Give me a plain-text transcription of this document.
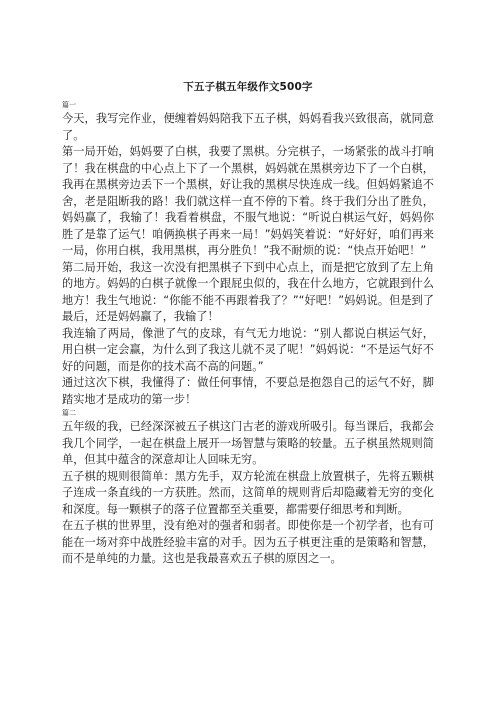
下五子棋五年级作文500字

篇一

今天，我写完作业，便缠着妈妈陪我下五子棋，妈妈看我兴致很高，就同意了。

第一局开始，妈妈要了白棋，我要了黑棋。分完棋子，一场紧张的战斗打响了！我在棋盘的中心点上下了一个黑棋，妈妈就在黑棋旁边下了一个白棋，我再在黑棋旁边丢下一个黑棋，好让我的黑棋尽快连成一线。但妈妈紧追不舍，老是阻断我的路！我们就这样一直不停的下着。终于我们分出了胜负，妈妈赢了，我输了！我看着棋盘，不服气地说：“听说白棋运气好，妈妈你胜了是靠了运气！咱俩换棋子再来一局！”妈妈笑着说：“好好好，咱们再来一局，你用白棋，我用黑棋，再分胜负！”我不耐烦的说：“快点开始吧！”

第二局开始，我这一次没有把黑棋子下到中心点上，而是把它放到了左上角的地方。妈妈的白棋子就像一个跟屁虫似的，我在什么地方，它就跟到什么地方！我生气地说：“你能不能不再跟着我了？”“好吧！”妈妈说。但是到了最后，还是妈妈赢了，我输了！

我连输了两局，像泄了气的皮球，有气无力地说：“别人都说白棋运气好，用白棋一定会赢，为什么到了我这儿就不灵了呢！”妈妈说：“不是运气好不好的问题，而是你的技术高不高的问题。”

通过这次下棋，我懂得了：做任何事情，不要总是抱怨自己的运气不好，脚踏实地才是成功的第一步！

篇二

五年级的我，已经深深被五子棋这门古老的游戏所吸引。每当课后，我都会我几个同学，一起在棋盘上展开一场智慧与策略的较量。五子棋虽然规则简单，但其中蕴含的深意却让人回味无穷。

五子棋的规则很简单：黑方先手，双方轮流在棋盘上放置棋子，先将五颗棋子连成一条直线的一方获胜。然而，这简单的规则背后却隐藏着无穷的变化和深度。每一颗棋子的落子位置都至关重要，都需要仔细思考和判断。

在五子棋的世界里，没有绝对的强者和弱者。即使你是一个初学者，也有可能在一场对弈中战胜经验丰富的对手。因为五子棋更注重的是策略和智慧，而不是单纯的力量。这也是我最喜欢五子棋的原因之一。
